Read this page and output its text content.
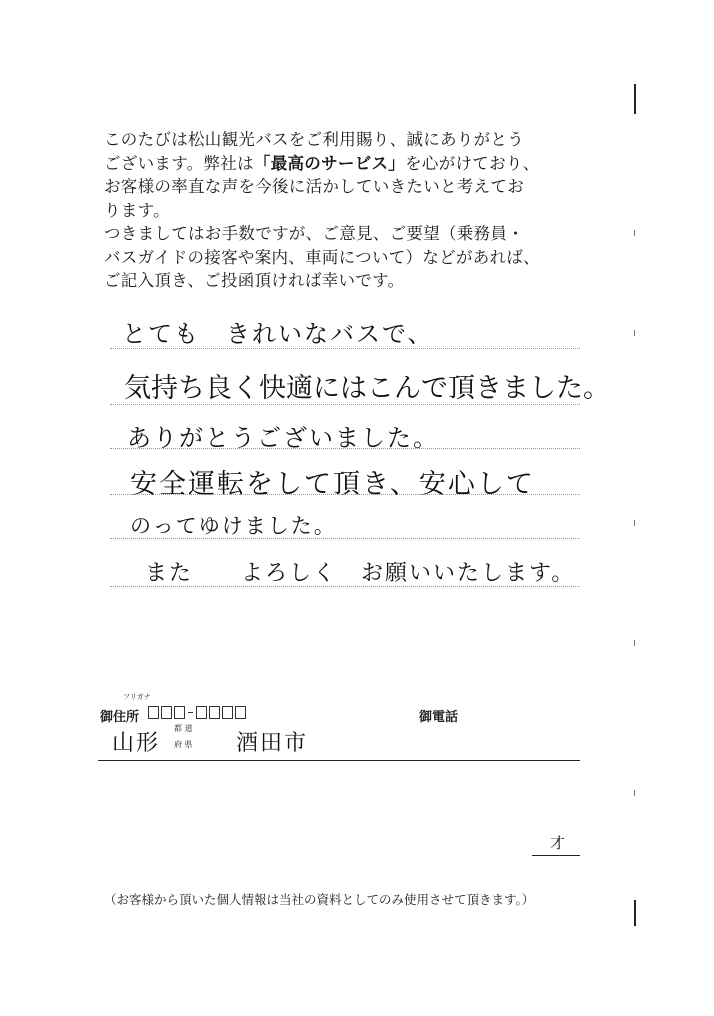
このたびは松山観光バスをご利用賜り、誠にありがとう
ございます。弊社は「最高のサービス」を心がけており、
お客様の率直な声を今後に活かしていきたいと考えてお
ります。
つきましてはお手数ですが、ご意見、ご要望（乗務員・
バスガイドの接客や案内、車両について）などがあれば、
ご記入頂き、ご投函頂ければ幸いです。
とても　きれいなバスで、
気持ち良く快適にはこんで頂きました。
ありがとうございました。
安全運転をして頂き、安心して
のってゆけました。
また　　よろしく　お願いいたします。
フリガナ
御住所	御電話
山形
都 道
府 県 酒田市
才
（お客様から頂いた個人情報は当社の資料としてのみ使用させて頂きます。）
